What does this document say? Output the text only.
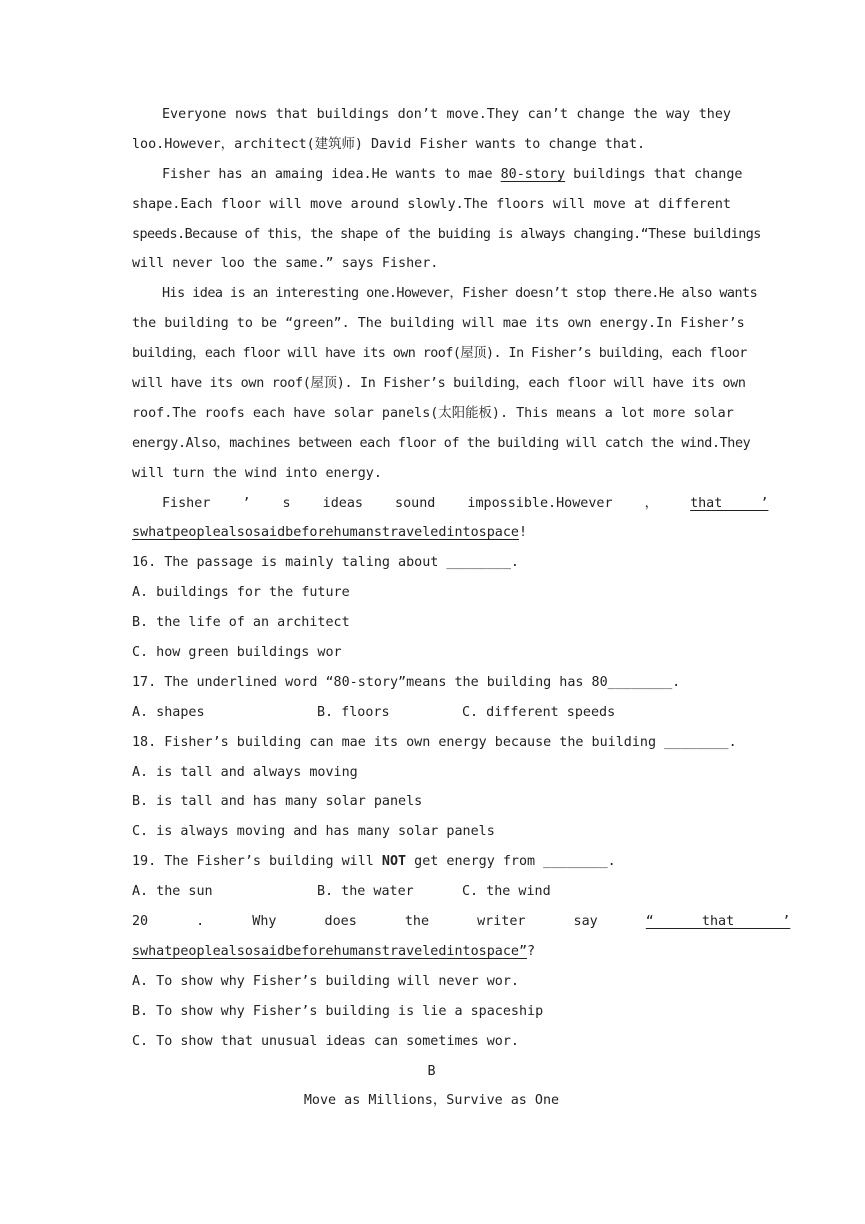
Everyone nows that buildings don’t move.They can’t change the way they
loo.However，architect(建筑师) David Fisher wants to change that.
Fisher has an amaing idea.He wants to mae 80-story buildings that change
shape.Each floor will move around slowly.The floors will move at different
speeds.Because of this，the shape of the buiding is always changing.“These buildings
will never loo the same.” says Fisher.
His idea is an interesting one.However，Fisher doesn’t stop there.He also wants
the building to be “green”. The building will mae its own energy.In Fisher’s
building，each floor will have its own roof(屋顶). In Fisher’s building，each floor
will have its own roof(屋顶). In Fisher’s building，each floor will have its own
roof.The roofs each have solar panels(太阳能板). This means a lot more solar
energy.Also，machines between each floor of the building will catch the wind.They
will turn the wind into energy.
Fisher ’ s ideas sound impossible.However ， that ’
swhatpeoplealsosaidbeforehumanstraveledintospace!
16. The passage is mainly taling about ________.
A. buildings for the future
B. the life of an architect
C. how green buildings wor
17. The underlined word “80-story”means the building has 80________.
A. shapes	B. floors	C. different speeds
18. Fisher’s building can mae its own energy because the building ________.
A. is tall and always moving
B. is tall and has many solar panels
C. is always moving and has many solar panels
19. The Fisher’s building will NOT get energy from ________.
A. the sun	B. the water	C. the wind
20 . Why does the writer say “ that ’
swhatpeoplealsosaidbeforehumanstraveledintospace”?
A. To show why Fisher’s building will never wor.
B. To show why Fisher’s building is lie a spaceship
C. To show that unusual ideas can sometimes wor.
B
Move as Millions，Survive as One
